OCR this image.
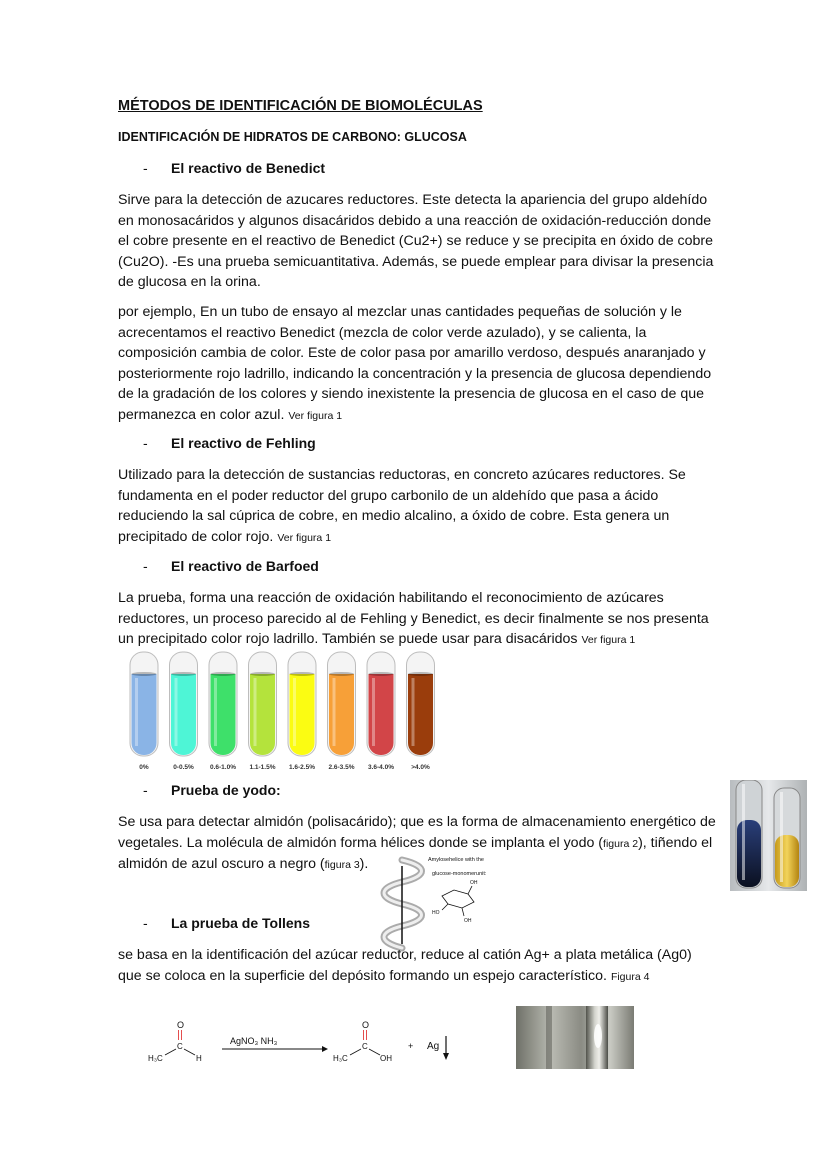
MÉTODOS DE IDENTIFICACIÓN DE BIOMOLÉCULAS
IDENTIFICACIÓN DE HIDRATOS DE CARBONO: GLUCOSA
- El reactivo de Benedict

Sirve para la detección de azucares reductores. Este detecta la apariencia del grupo aldehído en monosacáridos y algunos disacáridos debido a una reacción de oxidación-reducción donde el cobre presente en el reactivo de Benedict (Cu2+) se reduce y se precipita en óxido de cobre (Cu2O). -Es una prueba semicuantitativa. Además, se puede emplear para divisar la presencia de glucosa en la orina.

por ejemplo, En un tubo de ensayo al mezclar unas cantidades pequeñas de solución y le acrecentamos el reactivo Benedict (mezcla de color verde azulado), y se calienta, la composición cambia de color. Este de color pasa por amarillo verdoso, después anaranjado y posteriormente rojo ladrillo, indicando la concentración y la presencia de glucosa dependiendo de la gradación de los colores y siendo inexistente la presencia de glucosa en el caso de que permanezca en color azul. Ver figura 1

- El reactivo de Fehling

Utilizado para la detección de sustancias reductoras, en concreto azúcares reductores. Se fundamenta en el poder reductor del grupo carbonilo de un aldehído que pasa a ácido reduciendo la sal cúprica de cobre, en medio alcalino, a óxido de cobre. Esta genera un precipitado de color rojo. Ver figura 1

- El reactivo de Barfoed

La prueba, forma una reacción de oxidación habilitando el reconocimiento de azúcares reductores, un proceso parecido al de Fehling y Benedict, es decir finalmente se nos presenta un precipitado color rojo ladrillo. También se puede usar para disacáridos Ver figura 1

0%	0-0.5% 0.6-1.0% 1.1-1.5% 1.6-2.5% 2.6-3.5% 3.6-4.0%	>4.0%
- Prueba de yodo:

Se usa para detectar almidón (polisacárido); que es la forma de almacenamiento energético de vegetales. La molécula de almidón forma hélices donde se implanta el yodo (figura 2), tiñendo el almidón de azul oscuro a negro (figura 3).	Amylosehelice with the
glucose-monomerunit:
OH
HO
OH
- La prueba de Tollens

se basa en la identificación del azúcar reductor, reduce al catión Ag+ a plata metálica (Ag0) que se coloca en la superficie del depósito formando un espejo característico. Figura 4

O
C
H₃C	H
AgNO₃ NH₃
O
C
H₃C	OH
+ Ag
